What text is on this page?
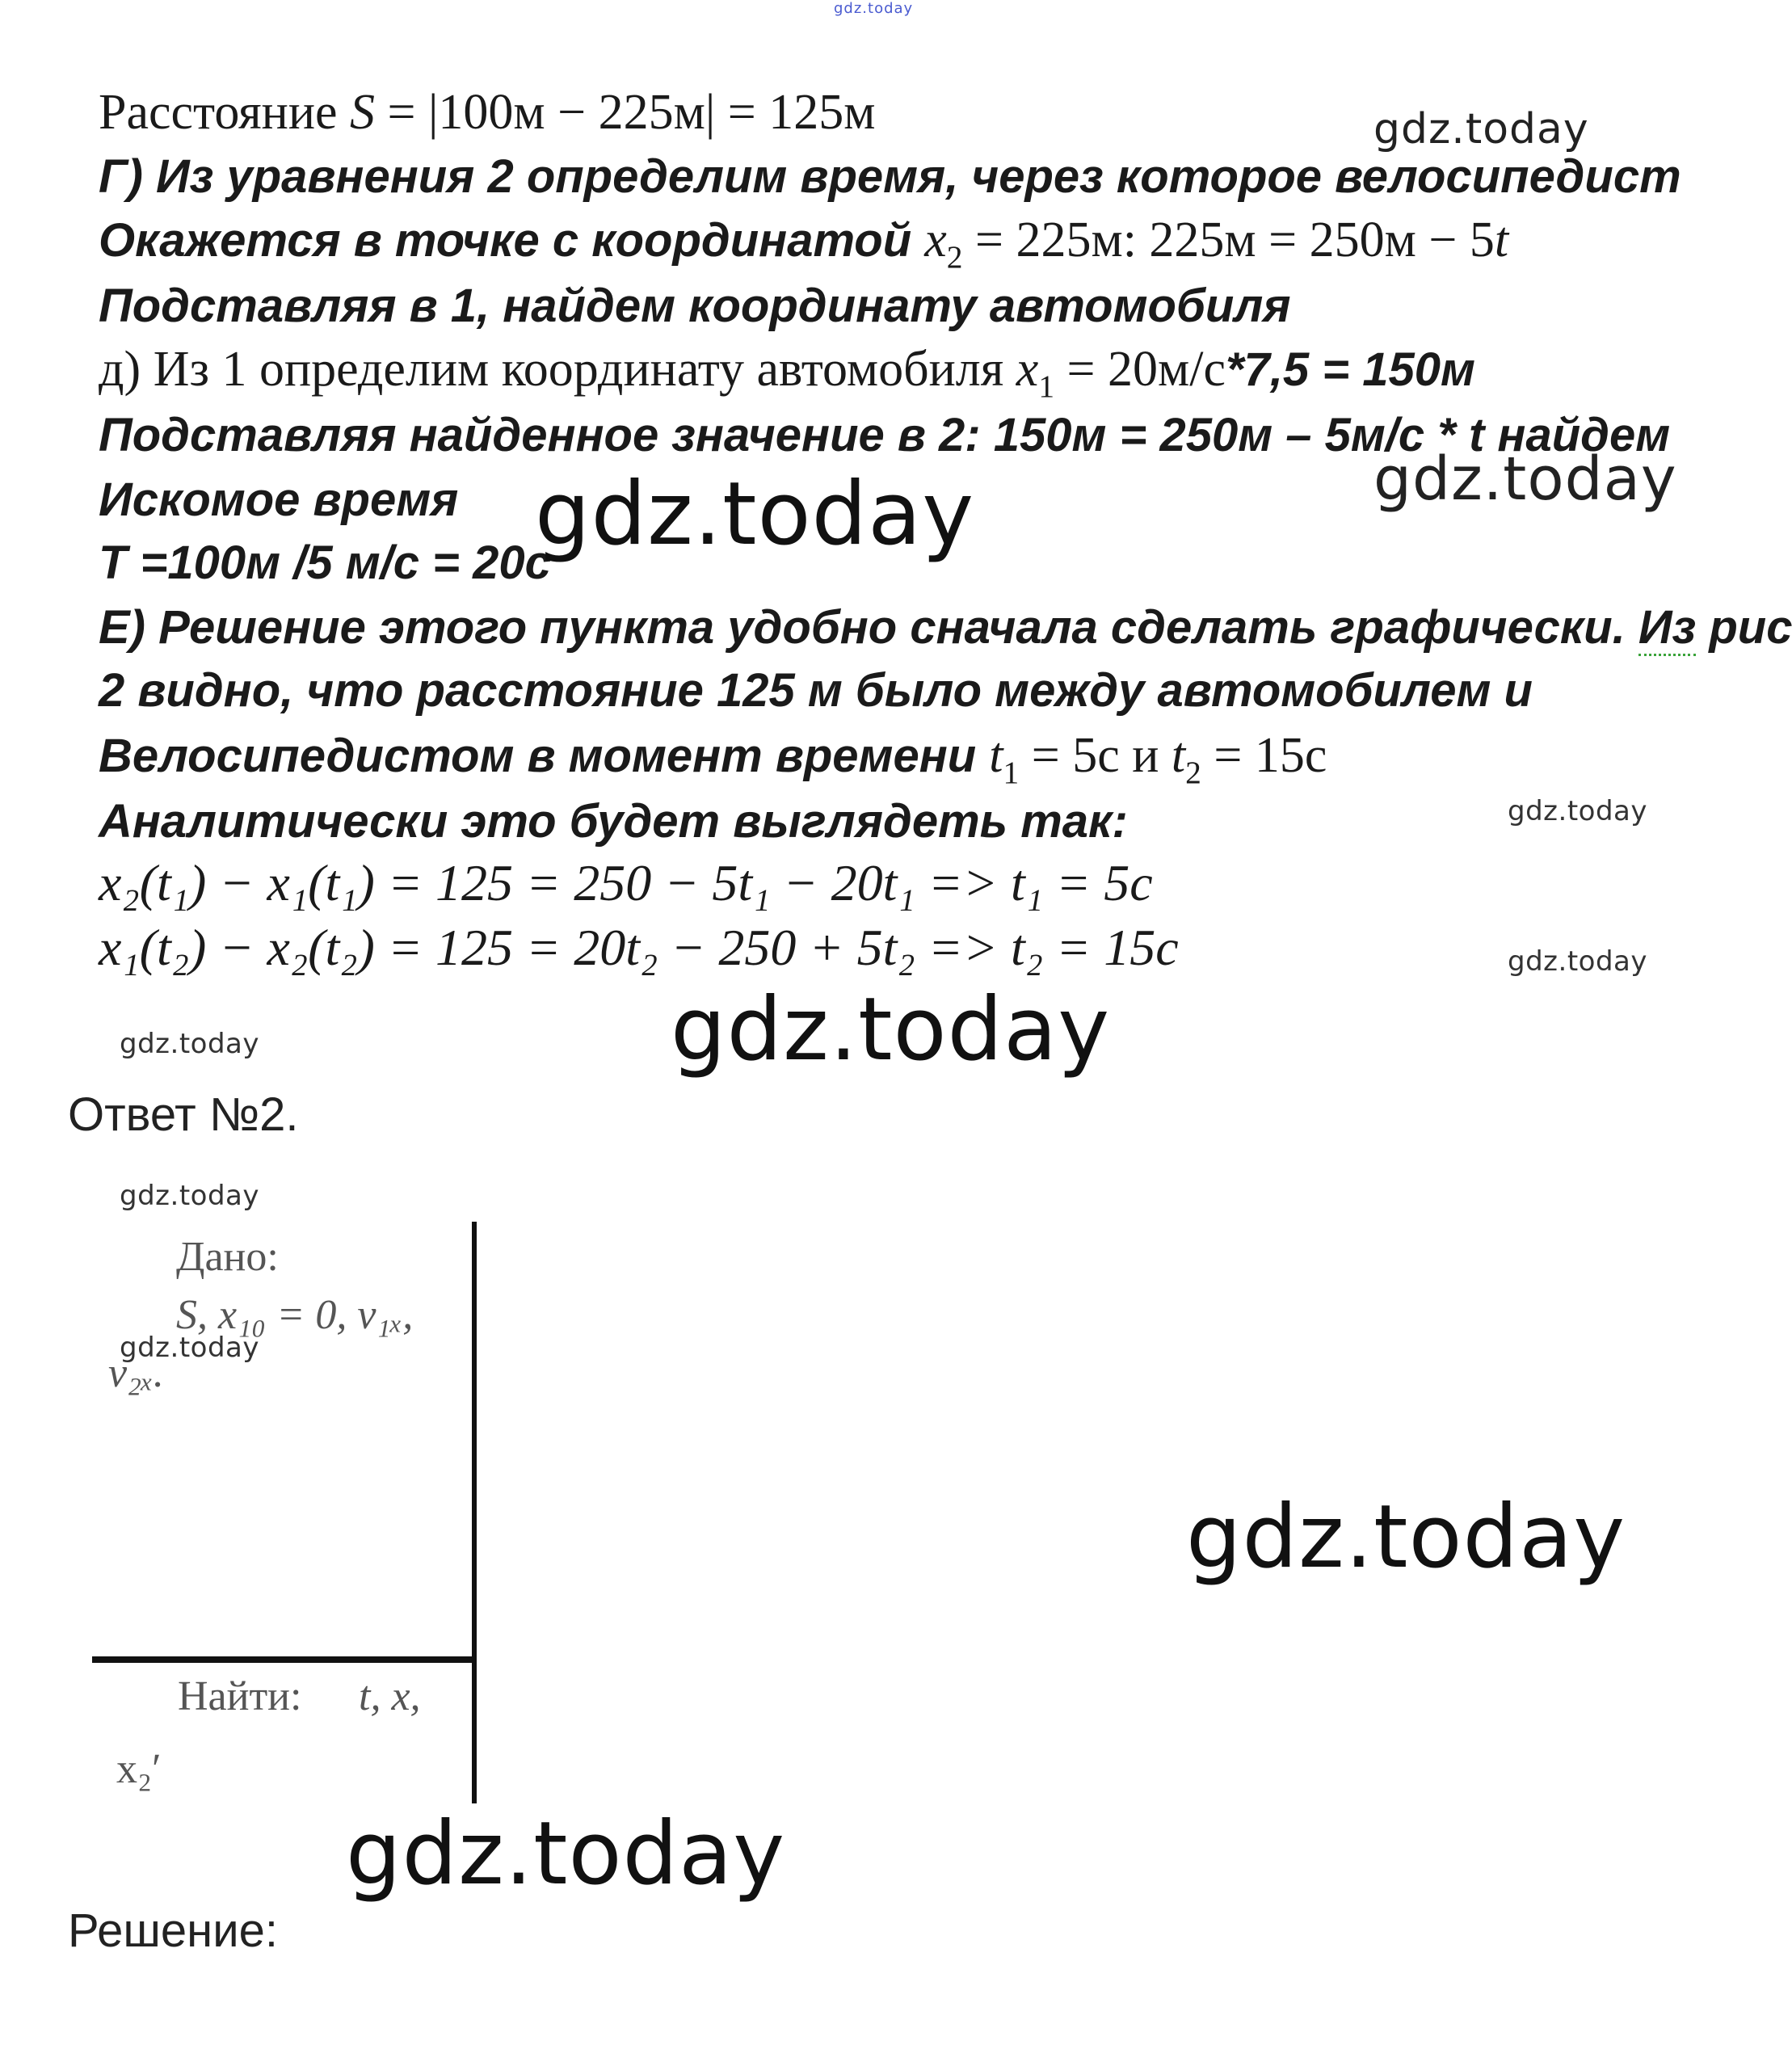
gdz.today
Расстояние S = |100м − 225м| = 125м
Г) Из уравнения 2 определим время, через которое велосипедист
Окажется в точке с координатой $x_2 = 225м$: 225м = 250м − 5t
Подставляя в 1, найдем координату автомобиля
д) Из 1 определим координату автомобиля $x_1 = 20м/с*7,5 = 150м$
Подставляя найденное значение в 2: 150м = 250м – 5м/с * t найдем
Искомое время
T =100м /5 м/с = 20с
Е) Решение этого пункта удобно сначала сделать графически. Из рис
2 видно, что расстояние 125 м было между автомобилем и
Велосипедистом в момент времени $t_1 = 5с$ и $t_2 = 15с$
Аналитически это будет выглядеть так:
x₂(t₁) − x₁(t₁) = 125 = 250 − 5t₁ − 20t₁ => t₁ = 5c
x₁(t₂) − x₂(t₂) = 125 = 20t₂ − 250 + 5t₂ => t₂ = 15c
gdz.today
gdz.today	gdz.today
gdz.today
gdz.today
gdz.today
gdz.today
Ответ №2.
gdz.today
Дано:
S, x₁₀ = 0, v₁ₓ,
v₂ₓ.
Найти: t, x,
x₂′
gdz.today
gdz.today
gdz.today
Решение:
